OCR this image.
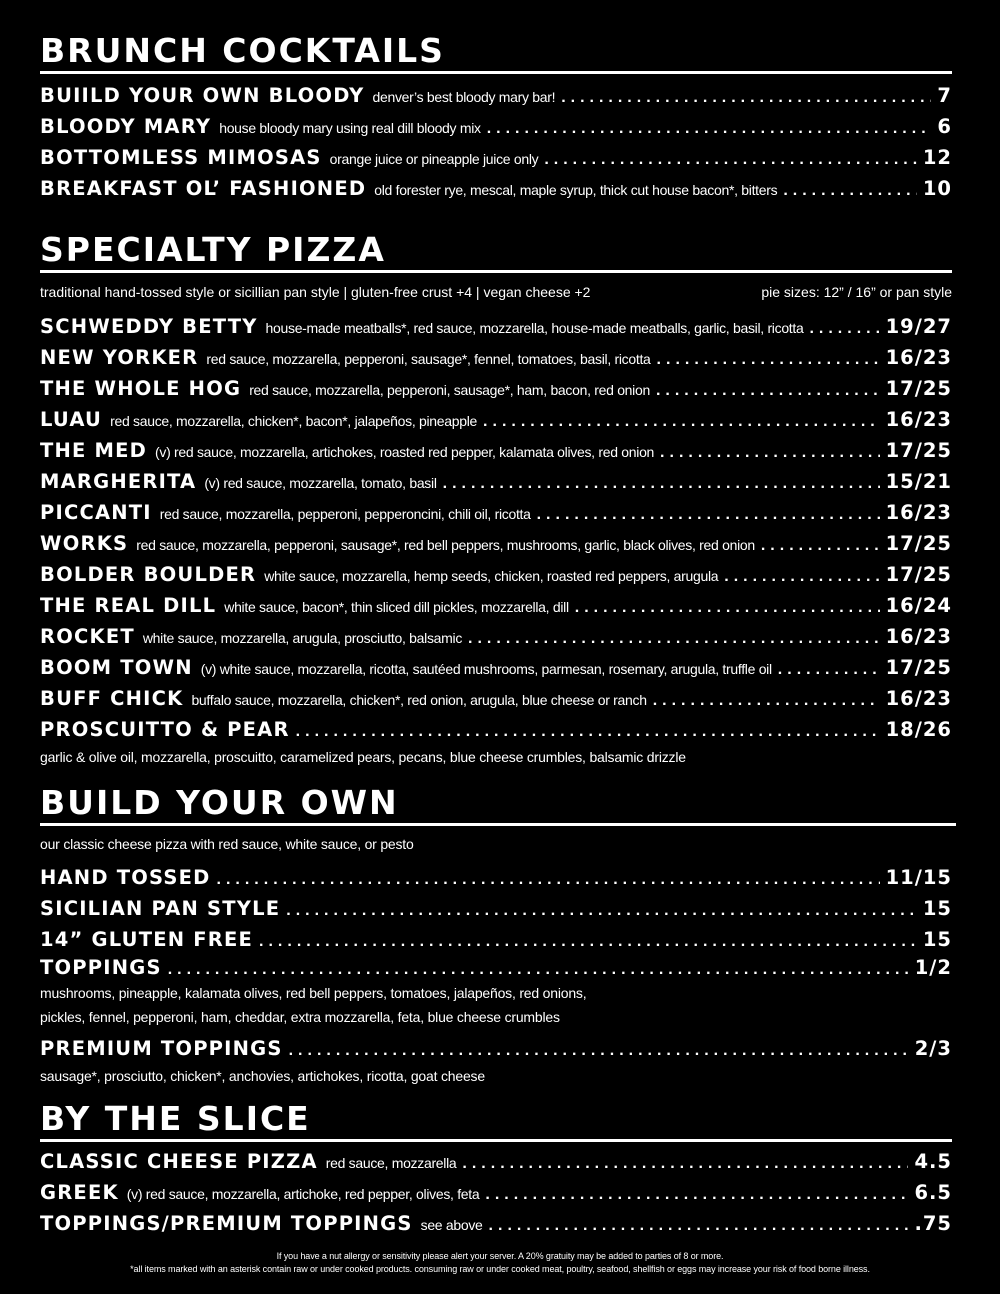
BRUNCH COCKTAILS
BUIILD YOUR OWN BLOODY denver’s best bloody mary bar! .....	7
BLOODY MARY house bloody mary using real dill bloody mix .....	6
BOTTOMLESS MIMOSAS orange juice or pineapple juice only .....	12
BREAKFAST OL’ FASHIONED old forester rye, mescal, maple syrup, thick cut house bacon*, bitters .....	10
SPECIALTY PIZZA
traditional hand-tossed style or sicillian pan style | gluten-free crust +4 | vegan cheese +2	pie sizes: 12” / 16” or pan style
SCHWEDDY BETTY house-made meatballs*, red sauce, mozzarella, house-made meatballs, garlic, basil, ricotta .....	19/27
NEW YORKER red sauce, mozzarella, pepperoni, sausage*, fennel, tomatoes, basil, ricotta .....	16/23
THE WHOLE HOG red sauce, mozzarella, pepperoni, sausage*, ham, bacon, red onion .....	17/25
LUAU red sauce, mozzarella, chicken*, bacon*, jalapeños, pineapple .....	16/23
THE MED (v) red sauce, mozzarella, artichokes, roasted red pepper, kalamata olives, red onion .....	17/25
MARGHERITA (v) red sauce, mozzarella, tomato, basil .....	15/21
PICCANTI red sauce, mozzarella, pepperoni, pepperoncini, chili oil, ricotta .....	16/23
WORKS red sauce, mozzarella, pepperoni, sausage*, red bell peppers, mushrooms, garlic, black olives, red onion .....	17/25
BOLDER BOULDER white sauce, mozzarella, hemp seeds, chicken, roasted red peppers, arugula .....	17/25
THE REAL DILL white sauce, bacon*, thin sliced dill pickles, mozzarella, dill .....	16/24
ROCKET white sauce, mozzarella, arugula, prosciutto, balsamic .....	16/23
BOOM TOWN (v) white sauce, mozzarella, ricotta, sautéed mushrooms, parmesan, rosemary, arugula, truffle oil .....	17/25
BUFF CHICK buffalo sauce, mozzarella, chicken*, red onion, arugula, blue cheese or ranch .....	16/23
PROSCUITTO & PEAR .....	18/26
garlic & olive oil, mozzarella, proscuitto, caramelized pears, pecans, blue cheese crumbles, balsamic drizzle
BUILD YOUR OWN
our classic cheese pizza with red sauce, white sauce, or pesto
HAND TOSSED .....	11/15
SICILIAN PAN STYLE .....	15
14” GLUTEN FREE .....	15
TOPPINGS .....	1/2
mushrooms, pineapple, kalamata olives, red bell peppers, tomatoes, jalapeños, red onions,
pickles, fennel, pepperoni, ham, cheddar, extra mozzarella, feta, blue cheese crumbles
PREMIUM TOPPINGS .....	2/3
sausage*, prosciutto, chicken*, anchovies, artichokes, ricotta, goat cheese
BY THE SLICE
CLASSIC CHEESE PIZZA red sauce, mozzarella .....	4.5
GREEK (v) red sauce, mozzarella, artichoke, red pepper, olives, feta .....	6.5
TOPPINGS/PREMIUM TOPPINGS see above .....	.75
If you have a nut allergy or sensitivity please alert your server. A 20% gratuity may be added to parties of 8 or more.
*all items marked with an asterisk contain raw or under cooked products. consuming raw or under cooked meat, poultry, seafood, shellfish or eggs may increase your risk of food borne illness.
